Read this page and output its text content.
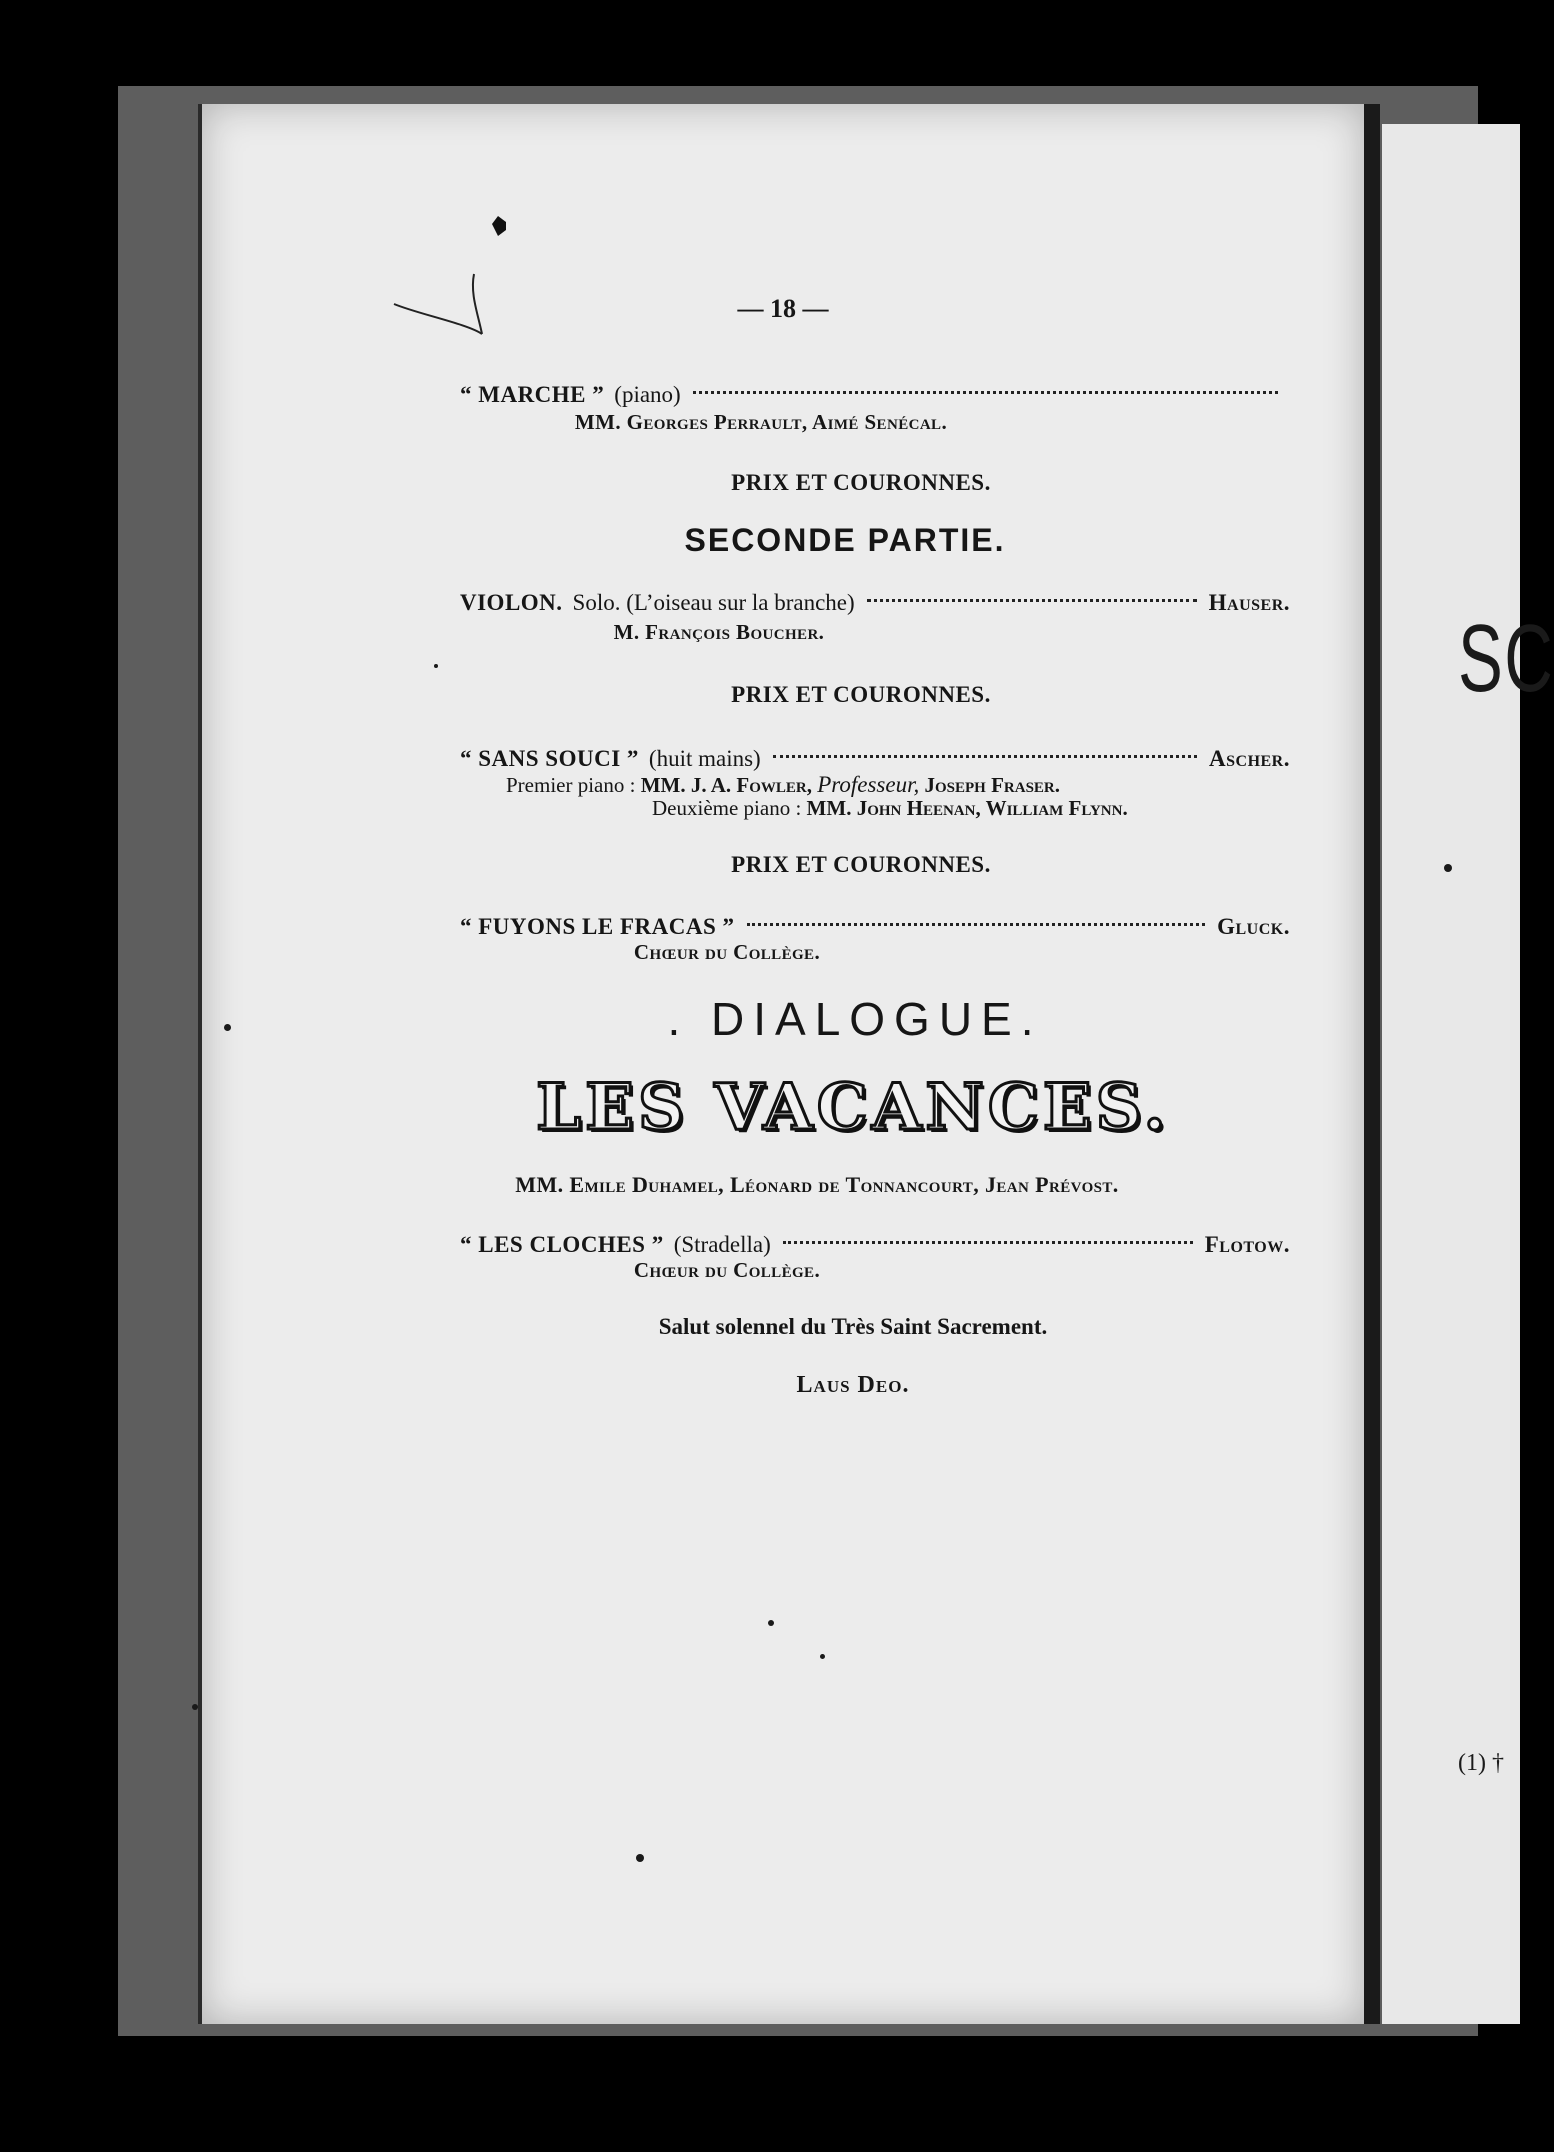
SC
(1) †
— 18 —
“ MARCHE ” (piano)
MM. Georges Perrault, Aimé Senécal.
PRIX ET COURONNES.
SECONDE PARTIE.
VIOLON. Solo. (L’oiseau sur la branche)	Hauser.
M. François Boucher.
PRIX ET COURONNES.
“ SANS SOUCI ” (huit mains)	Ascher.
Premier piano : MM. J. A. Fowler, Professeur, Joseph Fraser.
Deuxième piano : MM. John Heenan, William Flynn.
PRIX ET COURONNES.
“ FUYONS LE FRACAS ”	Gluck.
Chœur du Collège.
. DIALOGUE.
LES VACANCES.
MM. Emile Duhamel, Léonard de Tonnancourt, Jean Prévost.
“ LES CLOCHES ” (Stradella)	Flotow.
Chœur du Collège.
Salut solennel du Très Saint Sacrement.
Laus Deo.
